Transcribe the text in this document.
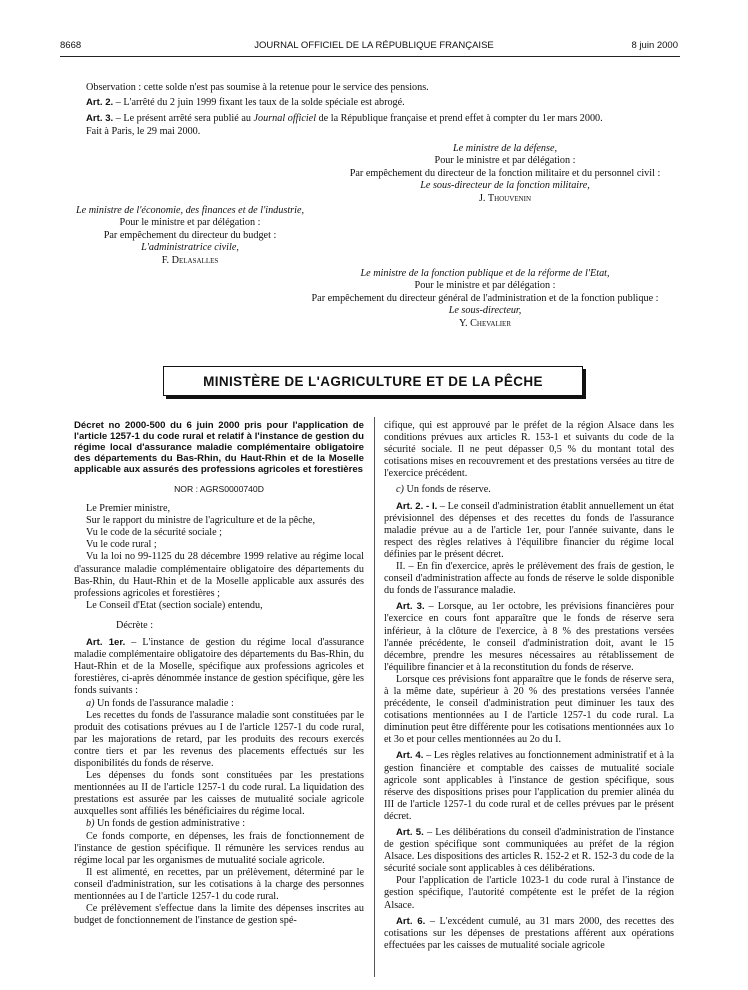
8668	JOURNAL OFFICIEL DE LA RÉPUBLIQUE FRANÇAISE	8 juin 2000
Observation : cette solde n'est pas soumise à la retenue pour le service des pensions.
Art. 2. – L'arrêté du 2 juin 1999 fixant les taux de la solde spéciale est abrogé.
Art. 3. – Le présent arrêté sera publié au Journal officiel de la République française et prend effet à compter du 1er mars 2000.
Fait à Paris, le 29 mai 2000.
Le ministre de la défense,
Pour le ministre et par délégation :
Par empêchement du directeur de la fonction militaire et du personnel civil :
Le sous-directeur de la fonction militaire,
J. Thouvenin
Le ministre de l'économie, des finances et de l'industrie,
Pour le ministre et par délégation :
Par empêchement du directeur du budget :
L'administratrice civile,
F. Delasalles
Le ministre de la fonction publique et de la réforme de l'Etat,
Pour le ministre et par délégation :
Par empêchement du directeur général de l'administration et de la fonction publique :
Le sous-directeur,
Y. Chevalier
MINISTÈRE DE L'AGRICULTURE ET DE LA PÊCHE
Décret no 2000-500 du 6 juin 2000 pris pour l'application de l'article 1257-1 du code rural et relatif à l'instance de gestion du régime local d'assurance maladie complémentaire obligatoire des départements du Bas-Rhin, du Haut-Rhin et de la Moselle applicable aux assurés des professions agricoles et forestières
NOR : AGRS0000740D

Le Premier ministre,

Sur le rapport du ministre de l'agriculture et de la pêche,

Vu le code de la sécurité sociale ;

Vu le code rural ;

Vu la loi no 99-1125 du 28 décembre 1999 relative au régime local d'assurance maladie complémentaire obligatoire des départements du Bas-Rhin, du Haut-Rhin et de la Moselle applicable aux assurés des professions agricoles et forestières ;

Le Conseil d'Etat (section sociale) entendu,

Décrète :

Art. 1er. – L'instance de gestion du régime local d'assurance maladie complémentaire obligatoire des départements du Bas-Rhin, du Haut-Rhin et de la Moselle, spécifique aux professions agricoles et forestières, ci-après dénommée instance de gestion spécifique, gère les fonds suivants :

a) Un fonds de l'assurance maladie :

Les recettes du fonds de l'assurance maladie sont constituées par le produit des cotisations prévues au I de l'article 1257-1 du code rural, par les majorations de retard, par les produits des recours exercés contre tiers et par les revenus des placements effectués sur les disponibilités du fonds de réserve.

Les dépenses du fonds sont constituées par les prestations mentionnées au II de l'article 1257-1 du code rural. La liquidation des prestations est assurée par les caisses de mutualité sociale agricole auxquelles sont affiliés les bénéficiaires du régime local.

b) Un fonds de gestion administrative :

Ce fonds comporte, en dépenses, les frais de fonctionnement de l'instance de gestion spécifique. Il rémunère les services rendus au régime local par les organismes de mutualité sociale agricole.

Il est alimenté, en recettes, par un prélèvement, déterminé par le conseil d'administration, sur les cotisations à la charge des personnes mentionnées au I de l'article 1257-1 du code rural.

Ce prélèvement s'effectue dans la limite des dépenses inscrites au budget de fonctionnement de l'instance de gestion spé-

cifique, qui est approuvé par le préfet de la région Alsace dans les conditions prévues aux articles R. 153-1 et suivants du code de la sécurité sociale. Il ne peut dépasser 0,5 % du montant total des cotisations mises en recouvrement et des prestations versées au titre de l'exercice précédent.

c) Un fonds de réserve.

Art. 2. - I. – Le conseil d'administration établit annuellement un état prévisionnel des dépenses et des recettes du fonds de l'assurance maladie prévue au a de l'article 1er, pour l'année suivante, dans le respect des règles relatives à l'équilibre financier du régime local définies par le présent décret.

II. – En fin d'exercice, après le prélèvement des frais de gestion, le conseil d'administration affecte au fonds de réserve le solde disponible du fonds de l'assurance maladie.

Art. 3. – Lorsque, au 1er octobre, les prévisions financières pour l'exercice en cours font apparaître que le fonds de réserve sera inférieur, à la clôture de l'exercice, à 8 % des prestations versées l'année précédente, le conseil d'administration doit, avant le 15 décembre, prendre les mesures nécessaires au rétablissement de l'équilibre financier et à la reconstitution du fonds de réserve.

Lorsque ces prévisions font apparaître que le fonds de réserve sera, à la même date, supérieur à 20 % des prestations versées l'année précédente, le conseil d'administration peut diminuer les taux des cotisations mentionnées au I de l'article 1257-1 du code rural. La diminution peut être différente pour les cotisations mentionnées aux 1o et 3o et pour celles mentionnées au 2o du I.

Art. 4. – Les règles relatives au fonctionnement administratif et à la gestion financière et comptable des caisses de mutualité sociale agricole sont applicables à l'instance de gestion spécifique, sous réserve des dispositions prises pour l'application du premier alinéa du III de l'article 1257-1 du code rural et de celles prévues par le présent décret.

Art. 5. – Les délibérations du conseil d'administration de l'instance de gestion spécifique sont communiquées au préfet de la région Alsace. Les dispositions des articles R. 152-2 et R. 152-3 du code de la sécurité sociale sont applicables à ces délibérations.

Pour l'application de l'article 1023-1 du code rural à l'instance de gestion spécifique, l'autorité compétente est le préfet de la région Alsace.

Art. 6. – L'excédent cumulé, au 31 mars 2000, des recettes des cotisations sur les dépenses de prestations afférent aux opérations effectuées par les caisses de mutualité sociale agricole
